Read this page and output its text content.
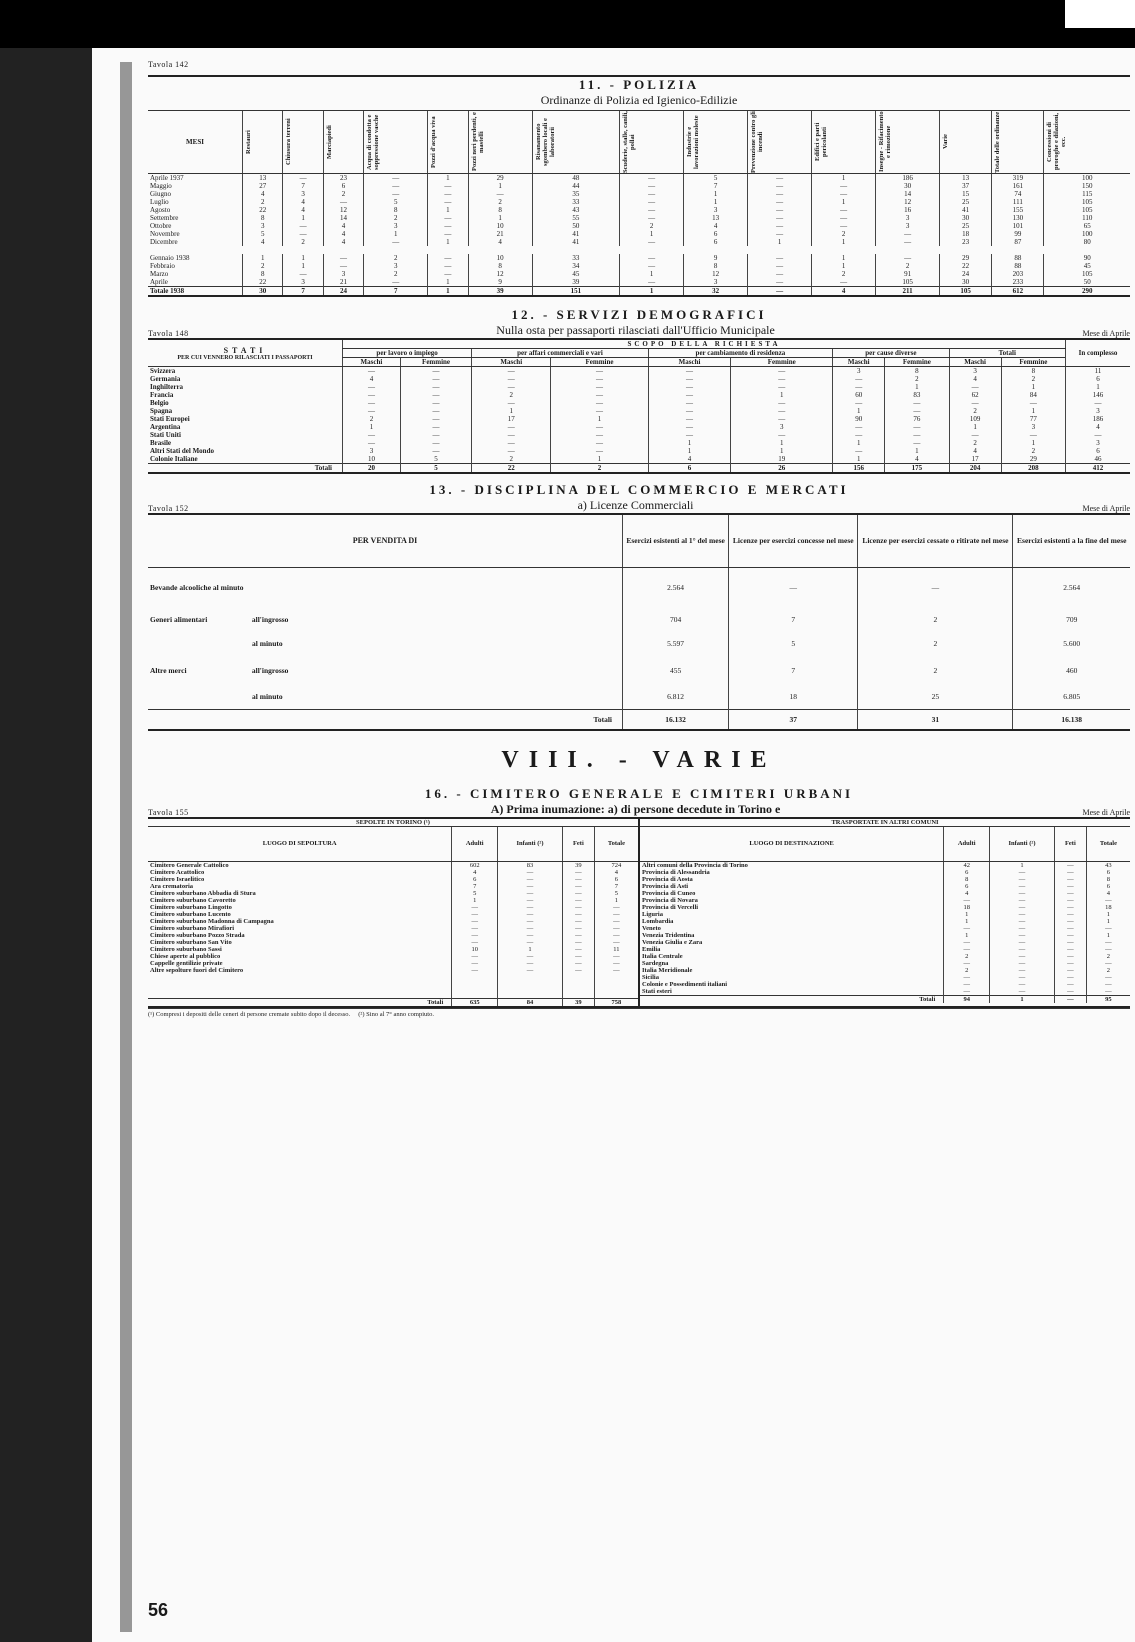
Tavola 142
11. - POLIZIA
Ordinanze di Polizia ed Igienico-Edilizie
MESI	Restauri	Chiusura terreni	Marciapiedi	Acqua di condotta e soppressione vasche	Pozzi d'acqua viva	Pozzi neri perdenti, e mastelli	Risanamento sgombero locali e laboratorii	Scuderie, stalle, canili, pollai	Industrie e lavorazioni moleste	Prevenzione contro gli incendi	Edifici e parti pericolanti	Insegne - Rifacimento e rimozione	Varie	Totale delle ordinanze	Concessioni di proroghe e dilazioni, ecc.

Aprile 1937	13	—	23	—	1	29	48	—	5	—	1	186	13	319	100
Maggio	27	7	6	—	—	1	44	—	7	—	—	30	37	161	150
Giugno	4	3	2	—	—	—	35	—	1	—	—	14	15	74	115
Luglio	2	4	—	5	—	2	33	—	1	—	1	12	25	111	105
Agosto	22	4	12	8	1	8	43	—	3	—	—	16	41	155	105
Settembre	8	1	14	2	—	1	55	—	13	—	—	3	30	130	110
Ottobre	3	—	4	3	—	10	50	2	4	—	—	3	25	101	65
Novembre	5	—	4	1	—	21	41	1	6	—	2	—	18	99	100
Dicembre	4	2	4	—	1	4	41	—	6	1	1	—	23	87	80

Gennaio 1938	1	1	—	2	—	10	33	—	9	—	1	—	29	88	90
Febbraio	2	1	—	3	—	8	34	—	8	—	1	2	22	88	45
Marzo	8	—	3	2	—	12	45	1	12	—	2	91	24	203	105
Aprile	22	3	21	—	1	9	39	—	3	—	—	105	30	233	50
Totale 1938	30	7	24	7	1	39	151	1	32	—	4	211	105	612	290
12. - SERVIZI DEMOGRAFICI
Tavola 148	Nulla osta per passaporti rilasciati dall'Ufficio Municipale	Mese di Aprile
STATI
PER CUI VENNERO RILASCIATI I PASSAPORTI	SCOPO DELLA RICHIESTA										In complesso
	per lavoro o impiego		per affari commerciali e vari		per cambiamento di residenza		per cause diverse		Totali		
	Maschi	Femmine	Maschi	Femmine	Maschi	Femmine	Maschi	Femmine	Maschi	Femmine	
Svizzera	—	—	—	—	—	—	3	8	3	8	11
Germania	4	—	—	—	—	—	—	2	4	2	6
Inghilterra	—	—	—	—	—	—	—	1	—	1	1
Francia	—	—	2	—	—	1	60	83	62	84	146
Belgio	—	—	—	—	—	—	—	—	—	—	—
Spagna	—	—	1	—	—	—	1	—	2	1	3
Stati Europei	2	—	17	1	—	—	90	76	109	77	186
Argentina	1	—	—	—	—	3	—	—	1	3	4
Stati Uniti	—	—	—	—	—	—	—	—	—	—	—
Brasile	—	—	—	—	1	1	1	—	2	1	3
Altri Stati del Mondo	3	—	—	—	1	1	—	1	4	2	6
Colonie Italiane	10	5	2	1	4	19	1	4	17	29	46
Totali	20	5	22	2	6	26	156	175	204	208	412
13. - DISCIPLINA DEL COMMERCIO E MERCATI
Tavola 152	a) Licenze Commerciali	Mese di Aprile
PER VENDITA DI	Esercizi esistenti al 1° del mese	Licenze per esercizi concesse nel mese	Licenze per esercizi cessate o ritirate nel mese	Esercizi esistenti a la fine del mese
Bevande alcooliche al minuto	2.564	—	—	2.564
Generi alimentari all'ingrosso	704	7	2	709
al minuto	5.597	5	2	5.600
Altre merci all'ingrosso	455	7	2	460
al minuto	6.812	18	25	6.805
Totali	16.132	37	31	16.138
VIII. - VARIE
16. - CIMITERO GENERALE E CIMITERI URBANI
Tavola 155	A) Prima inumazione: a) di persone decedute in Torino e	Mese di Aprile
SEPOLTE IN TORINO (¹)
LUOGO DI SEPOLTURA	Adulti	Infanti (²)	Feti	Totale
Cimitero Generale Cattolico	602	83	39	724
Cimitero Acattolico	4	—	—	4
Cimitero Israelitico	6	—	—	6
Ara crematoria	7	—	—	7
Cimitero suburbano Abbadia di Stura	5	—	—	5
Cimitero suburbano Cavoretto	1	—	—	1
Cimitero suburbano Lingotto	—	—	—	—
Cimitero suburbano Lucento	—	—	—	—
Cimitero suburbano Madonna di Campagna	—	—	—	—
Cimitero suburbano Mirafiori	—	—	—	—
Cimitero suburbano Pozzo Strada	—	—	—	—
Cimitero suburbano San Vito	—	—	—	—
Cimitero suburbano Sassi	10	1	—	11
Chiese aperte al pubblico	—	—	—	—
Cappelle gentilizie private	—	—	—	—
Altre sepolture fuori del Cimitero	—	—	—	—

Totali	635	84	39	758
TRASPORTATE IN ALTRI COMUNI
LUOGO DI DESTINAZIONE	Adulti	Infanti (²)	Feti	Totale
Altri comuni della Provincia di Torino	42	1	—	43
Provincia di Alessandria	6	—	—	6
Provincia di Aosta	8	—	—	8
Provincia di Asti	6	—	—	6
Provincia di Cuneo	4	—	—	4
Provincia di Novara	—	—	—	—
Provincia di Vercelli	18	—	—	18
Liguria	1	—	—	1
Lombardia	1	—	—	1
Veneto	—	—	—	—
Venezia Tridentina	1	—	—	1
Venezia Giulia e Zara	—	—	—	—
Emilia	—	—	—	—
Italia Centrale	2	—	—	2
Sardegna	—	—	—	—
Italia Meridionale	2	—	—	2
Sicilia	—	—	—	—
Colonie e Possedimenti italiani	—	—	—	—
Stati esteri	—	—	—	—
Totali	94	1	—	95
(¹) Compresi i depositi delle ceneri di persone cremate subito dopo il decesso. (²) Sino al 7° anno compiuto.
56
